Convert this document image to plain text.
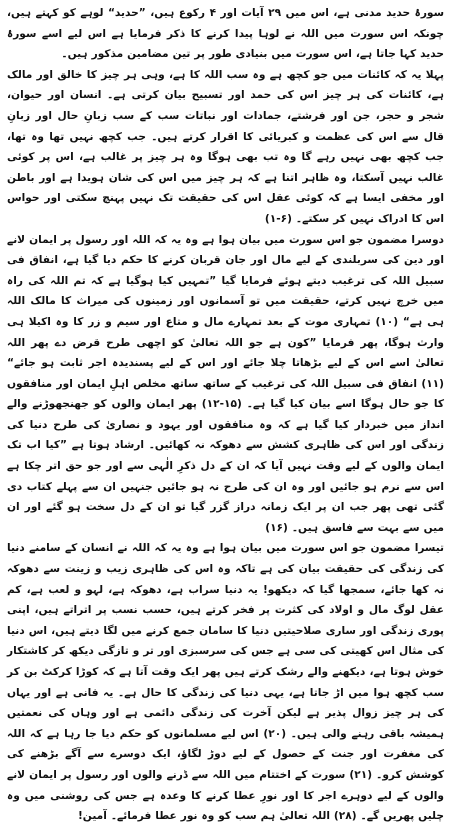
سورۂ حدید مدنی ہے، اس میں ۲۹ آیات اور ۴ رکوع ہیں، ”حدید“ لوہے کو کہتے ہیں، چونکہ اس سورت میں اللہ نے لوہا پیدا کرنے کا ذکر فرمایا ہے اس لیے اسے سورۂ حدید کہا جاتا ہے، اس سورت میں بنیادی طور پر تین مضامین مذکور ہیں۔

پہلا یہ کہ کائنات میں جو کچھ ہے وہ سب اللہ کا ہے، وہی ہر چیز کا خالق اور مالک ہے، کائنات کی ہر چیز اس کی حمد اور تسبیح بیان کرتی ہے۔ انسان اور حیوان، شجر و حجر، جن اور فرشتے، جمادات اور نباتات سب کے سب زبانِ حال اور زبانِ قال سے اس کی عظمت و کبریائی کا اقرار کرتے ہیں۔ جب کچھ نہیں تھا وہ تھا، جب کچھ بھی نہیں رہے گا وہ تب بھی ہوگا وہ ہر چیز پر غالب ہے، اس پر کوئی غالب نہیں آسکتا، وہ ظاہر اتنا ہے کہ ہر چیز میں اس کی شان ہویدا ہے اور باطن اور مخفی ایسا ہے کہ کوئی عقل اس کی حقیقت تک نہیں پہنچ سکتی اور حواس اس کا ادراک نہیں کر سکتے۔ (۶-۱)

دوسرا مضمون جو اس سورت میں بیان ہوا ہے وہ یہ کہ اللہ اور رسول پر ایمان لانے اور دین کی سربلندی کے لیے مال اور جان قربان کرنے کا حکم دیا گیا ہے، انفاق فی سبیل اللہ کی ترغیب دیتے ہوئے فرمایا گیا ”تمہیں کیا ہوگیا ہے کہ تم اللہ کی راہ میں خرچ نہیں کرتے، حقیقت میں تو آسمانوں اور زمینوں کی میراث کا مالک اللہ ہی ہے“ (۱۰) تمہاری موت کے بعد تمہارے مال و متاع اور سیم و زر کا وہ اکیلا ہی وارث ہوگا، پھر فرمایا ”کون ہے جو اللہ تعالیٰ کو اچھی طرح قرض دے پھر اللہ تعالیٰ اسے اس کے لیے بڑھاتا چلا جائے اور اس کے لیے پسندیدہ اجر ثابت ہو جائے“ (۱۱) انفاق فی سبیل اللہ کی ترغیب کے ساتھ ساتھ مخلص اہلِ ایمان اور منافقوں کا جو حال ہوگا اسے بیان کیا گیا ہے۔ (۱۵-۱۲) پھر ایمان والوں کو جھنجھوڑنے والے انداز میں خبردار کیا گیا ہے کہ وہ منافقوں اور یہود و نصاریٰ کی طرح دنیا کی زندگی اور اس کی ظاہری کشش سے دھوکہ نہ کھائیں۔ ارشاد ہوتا ہے ”کیا اب تک ایمان والوں کے لیے وقت نہیں آیا کہ ان کے دل ذکرِ الٰہی سے اور جو حق اتر چکا ہے اس سے نرم ہو جائیں اور وہ ان کی طرح نہ ہو جائیں جنہیں ان سے پہلے کتاب دی گئی تھی پھر جب ان پر ایک زمانہ دراز گزر گیا تو ان کے دل سخت ہو گئے اور ان میں سے بہت سے فاسق ہیں۔ (۱۶)

تیسرا مضمون جو اس سورت میں بیان ہوا ہے وہ یہ کہ اللہ نے انسان کے سامنے دنیا کی زندگی کی حقیقت بیان کی ہے تاکہ وہ اس کی ظاہری زیب و زینت سے دھوکہ نہ کھا جائے، سمجھا گیا کہ دیکھو! یہ دنیا سراب ہے، دھوکہ ہے، لہو و لعب ہے، کم عقل لوگ مال و اولاد کی کثرت پر فخر کرتے ہیں، حسب نسب پر اتراتے ہیں، اپنی پوری زندگی اور ساری صلاحیتیں دنیا کا سامان جمع کرنے میں لگا دیتے ہیں، اس دنیا کی مثال اس کھیتی کی سی ہے جس کی سرسبزی اور تر و تازگی دیکھ کر کاشتکار خوش ہوتا ہے، دیکھنے والے رشک کرتے ہیں پھر ایک وقت آتا ہے کہ کوڑا کرکٹ بن کر سب کچھ ہوا میں اڑ جاتا ہے، یہی دنیا کی زندگی کا حال ہے۔ یہ فانی ہے اور یہاں کی ہر چیز زوال پذیر ہے لیکن آخرت کی زندگی دائمی ہے اور وہاں کی نعمتیں ہمیشہ باقی رہنے والی ہیں۔ (۲۰) اس لیے مسلمانوں کو حکم دیا جا رہا ہے کہ اللہ کی مغفرت اور جنت کے حصول کے لیے دوڑ لگاؤ، ایک دوسرے سے آگے بڑھنے کی کوشش کرو۔ (۲۱) سورت کے اختتام میں اللہ سے ڈرنے والوں اور رسول پر ایمان لانے والوں کے لیے دوہرے اجر کا اور نورِ عطا کرنے کا وعدہ ہے جس کی روشنی میں وہ چلیں پھریں گے۔ (۲۸) اللہ تعالیٰ ہم سب کو وہ نور عطا فرمائے۔ آمین!
